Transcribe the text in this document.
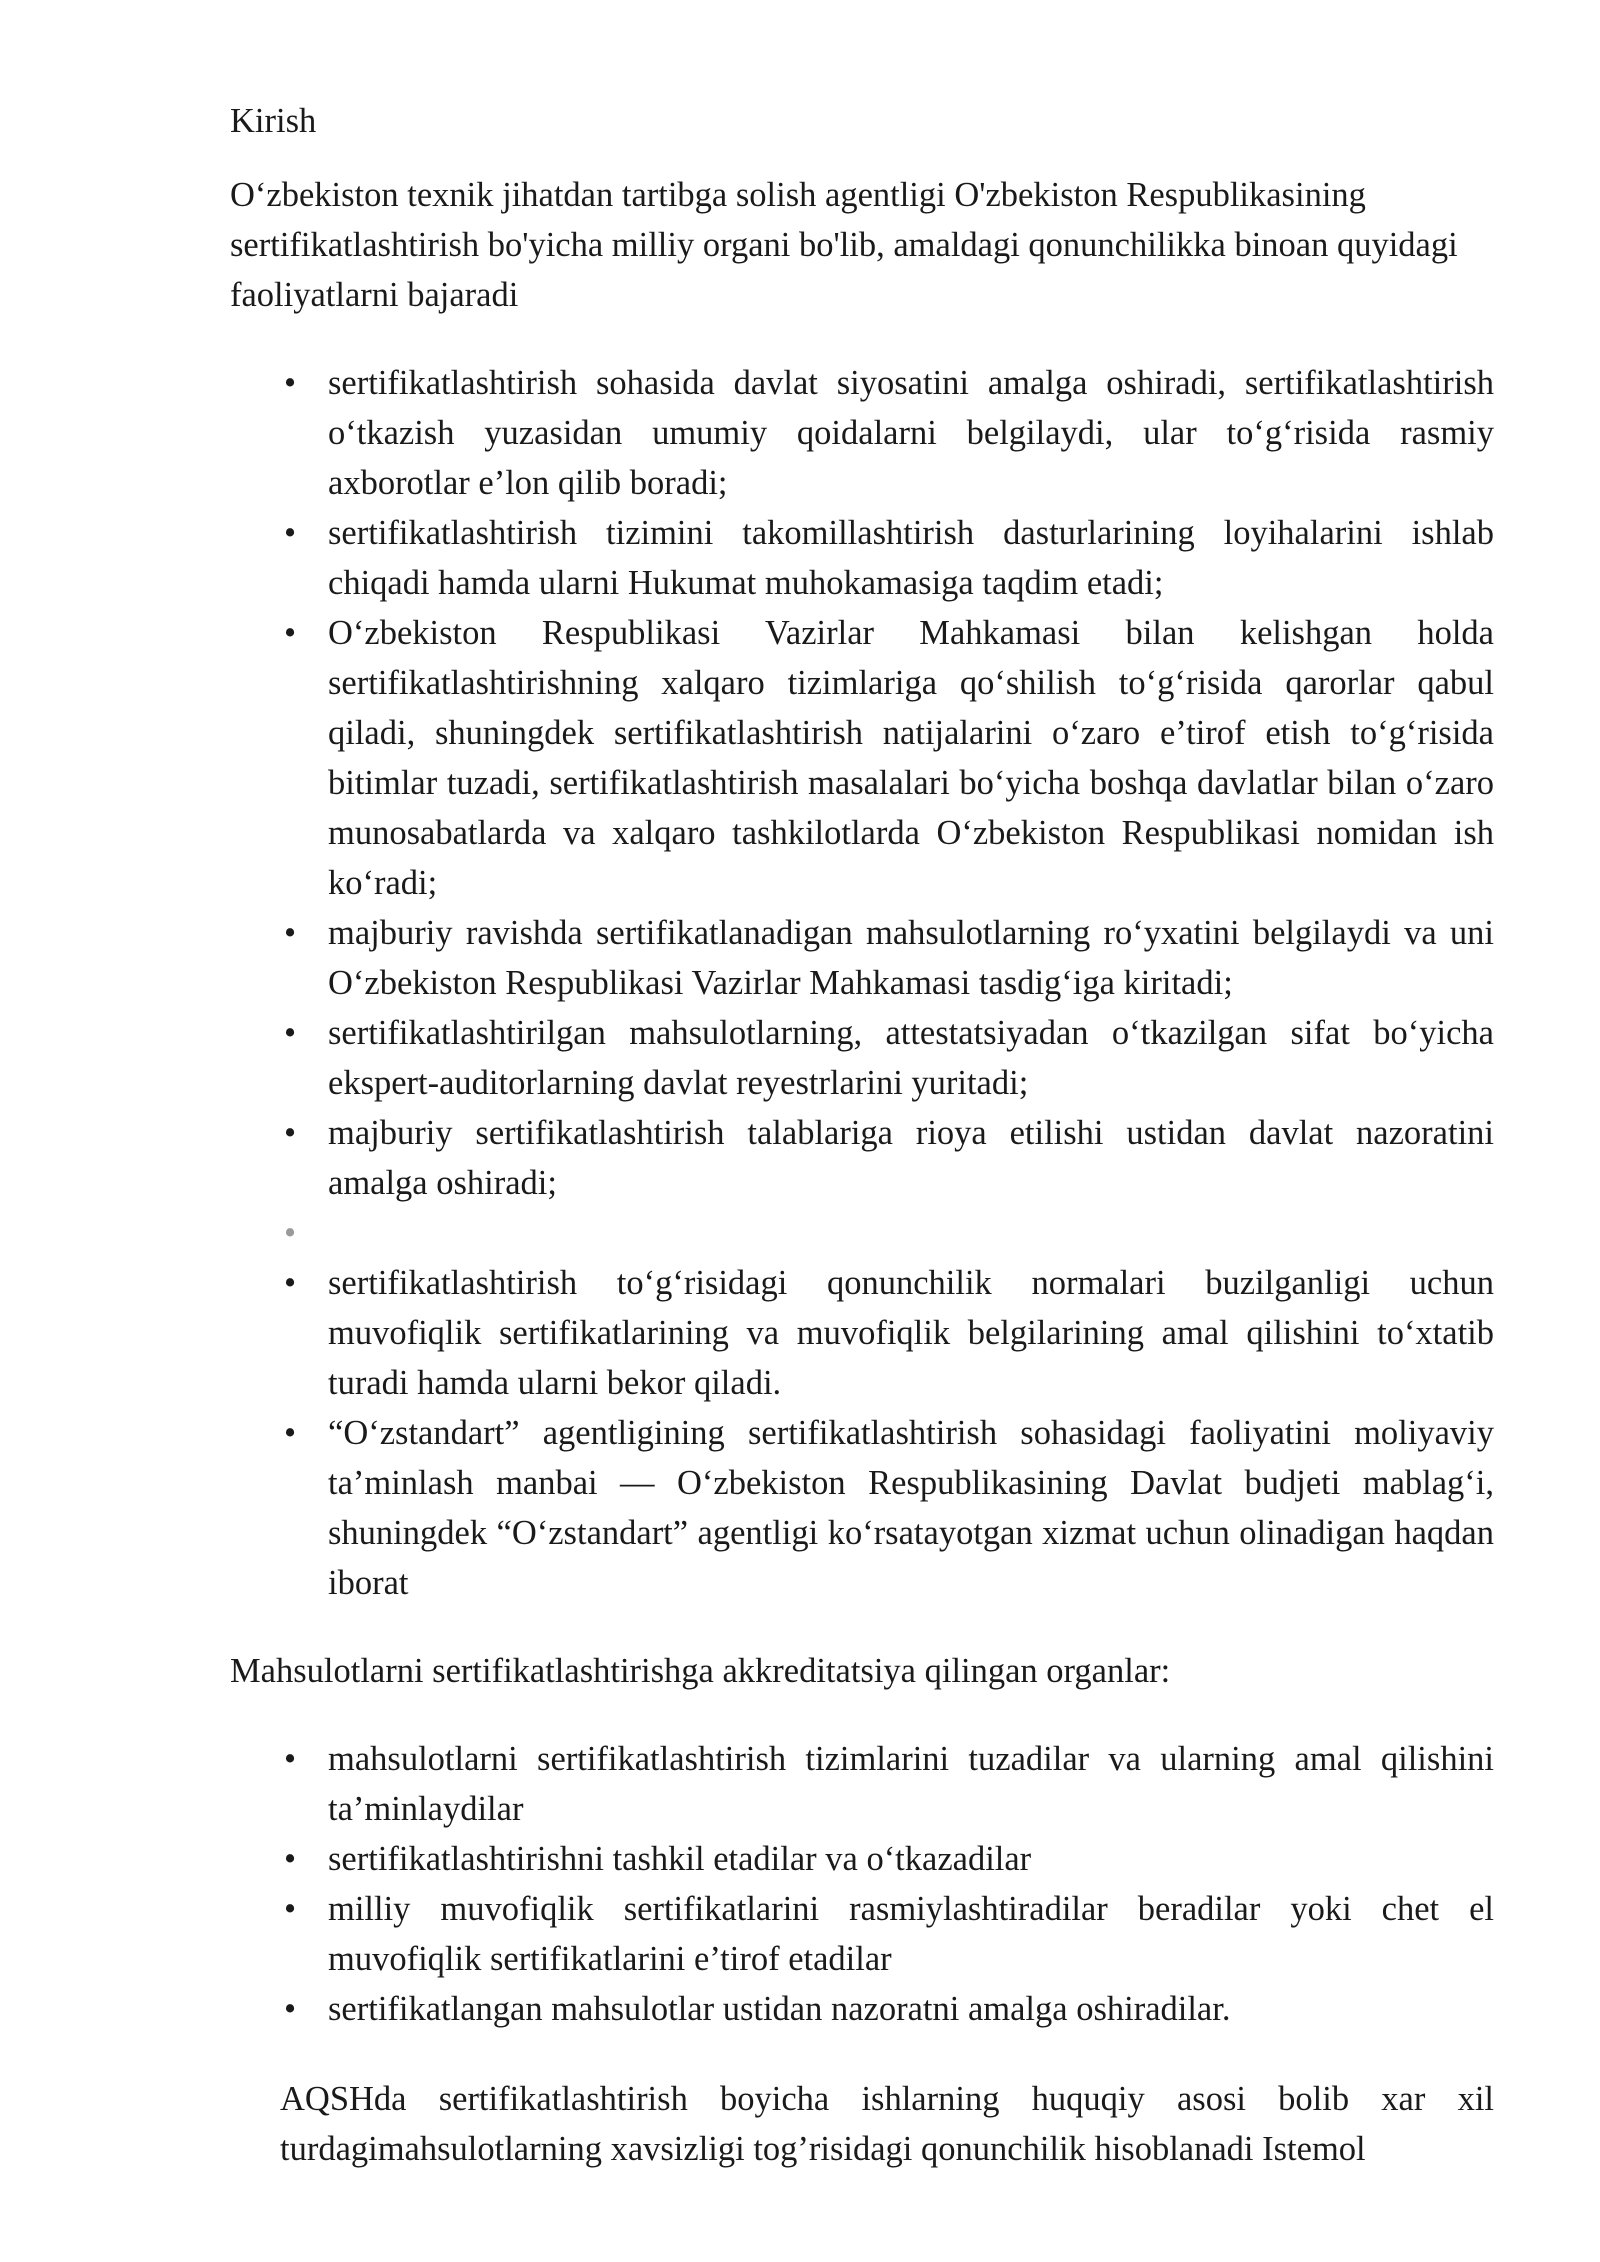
Kirish

O‘zbekiston texnik jihatdan tartibga solish agentligi O'zbekiston Respublikasining sertifikatlashtirish bo'yicha milliy organi bo'lib, amaldagi qonunchilikka binoan quyidagi faoliyatlarni bajaradi

• sertifikatlashtirish sohasida davlat siyosatini amalga oshiradi, sertifikatlashtirish o‘tkazish yuzasidan umumiy qoidalarni belgilaydi, ular to‘g‘risida rasmiy axborotlar e’lon qilib boradi;
• sertifikatlashtirish tizimini takomillashtirish dasturlarining loyihalarini ishlab chiqadi hamda ularni Hukumat muhokamasiga taqdim etadi;
• O‘zbekiston Respublikasi Vazirlar Mahkamasi bilan kelishgan holda sertifikatlashtirishning xalqaro tizimlariga qo‘shilish to‘g‘risida qarorlar qabul qiladi, shuningdek sertifikatlashtirish natijalarini o‘zaro e’tirof etish to‘g‘risida bitimlar tuzadi, sertifikatlashtirish masalalari bo‘yicha boshqa davlatlar bilan o‘zaro munosabatlarda va xalqaro tashkilotlarda O‘zbekiston Respublikasi nomidan ish ko‘radi;
• majburiy ravishda sertifikatlanadigan mahsulotlarning ro‘yxatini belgilaydi va uni O‘zbekiston Respublikasi Vazirlar Mahkamasi tasdig‘iga kiritadi;
• sertifikatlashtirilgan mahsulotlarning, attestatsiyadan o‘tkazilgan sifat bo‘yicha ekspert-auditorlarning davlat reyestrlarini yuritadi;
• majburiy sertifikatlashtirish talablariga rioya etilishi ustidan davlat nazoratini amalga oshiradi;
•
• sertifikatlashtirish to‘g‘risidagi qonunchilik normalari buzilganligi uchun muvofiqlik sertifikatlarining va muvofiqlik belgilarining amal qilishini to‘xtatib turadi hamda ularni bekor qiladi.
• “O‘zstandart” agentligining sertifikatlashtirish sohasidagi faoliyatini moliyaviy ta’minlash manbai — O‘zbekiston Respublikasining Davlat budjeti mablag‘i, shuningdek “O‘zstandart” agentligi ko‘rsatayotgan xizmat uchun olinadigan haqdan iborat

Mahsulotlarni sertifikatlashtirishga akkreditatsiya qilingan organlar:

• mahsulotlarni sertifikatlashtirish tizimlarini tuzadilar va ularning amal qilishini ta’minlaydilar
• sertifikatlashtirishni tashkil etadilar va o‘tkazadilar
• milliy muvofiqlik sertifikatlarini rasmiylashtiradilar beradilar yoki chet el muvofiqlik sertifikatlarini e’tirof etadilar
• sertifikatlangan mahsulotlar ustidan nazoratni amalga oshiradilar.

AQSHda sertifikatlashtirish boyicha ishlarning huquqiy asosi bolib xar xil turdagimahsulotlarning xavsizligi tog’risidagi qonunchilik hisoblanadi Istemol
